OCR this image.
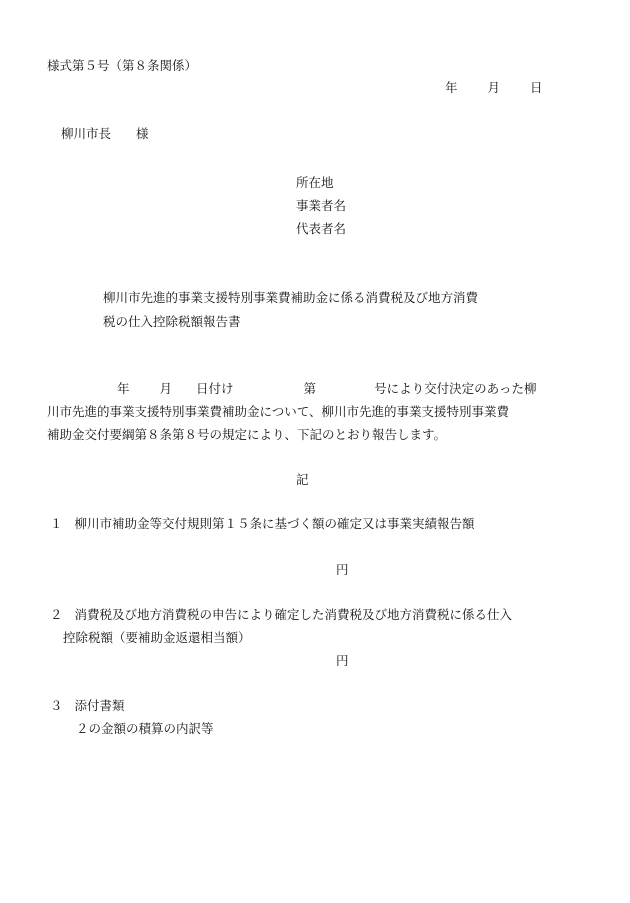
様式第５号（第８条関係）
年 月 日
柳川市長　　様
所在地
事業者名
代表者名
柳川市先進的事業支援特別事業費補助金に係る消費税及び地方消費
税の仕入控除税額報告書
年 月 日付け	第	号により交付決定のあった柳
川市先進的事業支援特別事業費補助金について、柳川市先進的事業支援特別事業費
補助金交付要綱第８条第８号の規定により、下記のとおり報告します。
記
１ 柳川市補助金等交付規則第１５条に基づく額の確定又は事業実績報告額
円
２ 消費税及び地方消費税の申告により確定した消費税及び地方消費税に係る仕入
控除税額（要補助金返還相当額）
円
３ 添付書類
２の金額の積算の内訳等
